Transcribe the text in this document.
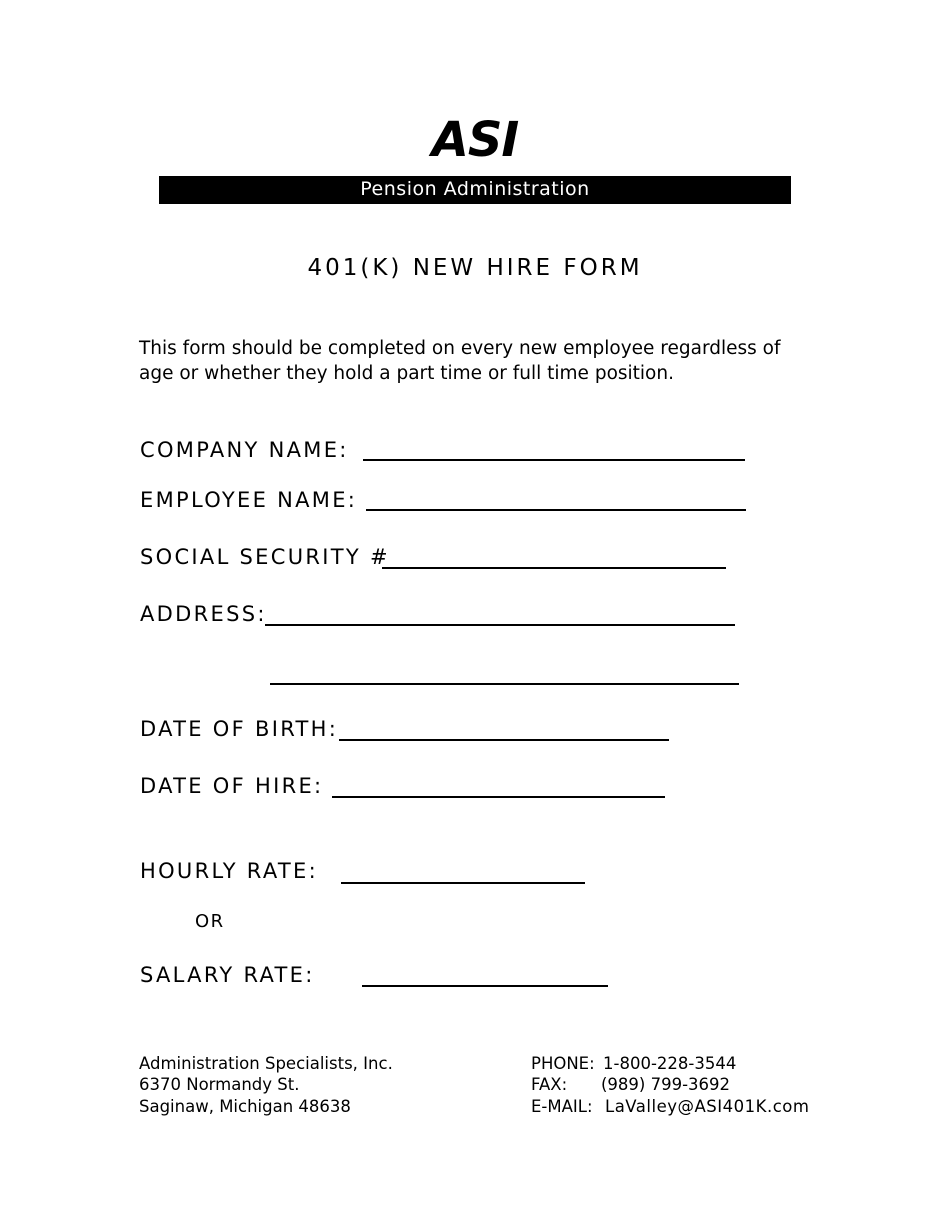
ASI
Pension Administration
401(K) NEW HIRE FORM
This form should be completed on every new employee regardless of age or whether they hold a part time or full time position.
COMPANY NAME:
EMPLOYEE NAME:
SOCIAL SECURITY #
ADDRESS:
DATE OF BIRTH:
DATE OF HIRE:
HOURLY RATE:
OR
SALARY RATE:
Administration Specialists, Inc.
6370 Normandy St.
Saginaw, Michigan 48638
PHONE: 1-800-228-3544
FAX: (989) 799-3692
E-MAIL: LaValley@ASI401K.com
